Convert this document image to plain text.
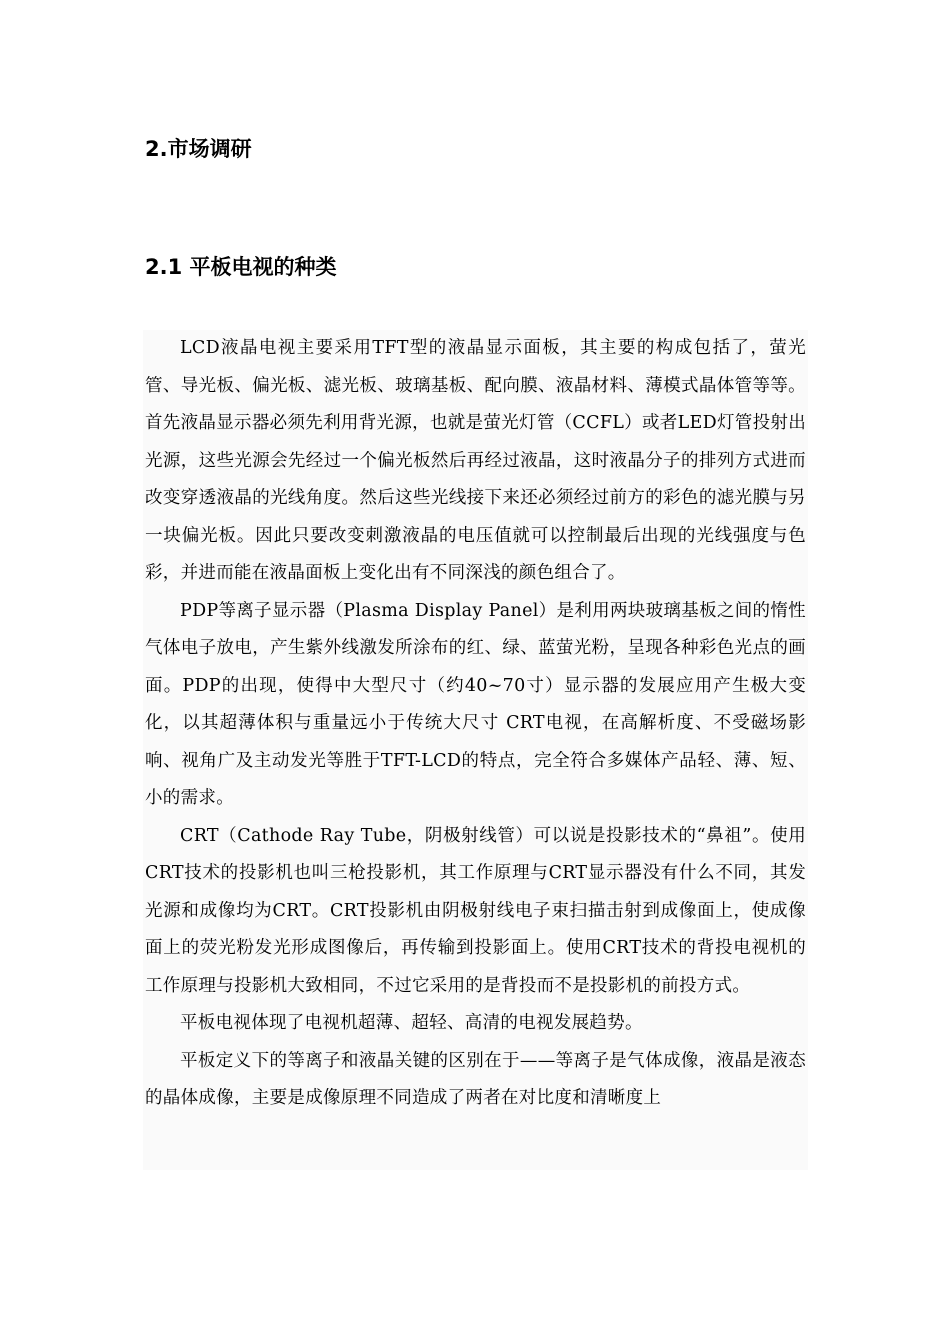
2.市场调研
2.1 平板电视的种类

LCD液晶电视主要采用TFT型的液晶显示面板，其主要的构成包括了，萤光管、导光板、偏光板、滤光板、玻璃基板、配向膜、液晶材料、薄模式晶体管等等。首先液晶显示器必须先利用背光源，也就是萤光灯管（CCFL）或者LED灯管投射出光源，这些光源会先经过一个偏光板然后再经过液晶，这时液晶分子的排列方式进而改变穿透液晶的光线角度。然后这些光线接下来还必须经过前方的彩色的滤光膜与另一块偏光板。因此只要改变刺激液晶的电压值就可以控制最后出现的光线强度与色彩，并进而能在液晶面板上变化出有不同深浅的颜色组合了。

PDP等离子显示器（Plasma Display Panel）是利用两块玻璃基板之间的惰性气体电子放电，产生紫外线激发所涂布的红、绿、蓝萤光粉，呈现各种彩色光点的画面。PDP的出现，使得中大型尺寸（约40~70寸）显示器的发展应用产生极大变化，以其超薄体积与重量远小于传统大尺寸 CRT电视，在高解析度、不受磁场影响、视角广及主动发光等胜于TFT-LCD的特点，完全符合多媒体产品轻、薄、短、小的需求。

CRT（Cathode Ray Tube，阴极射线管）可以说是投影技术的“鼻祖”。使用CRT技术的投影机也叫三枪投影机，其工作原理与CRT显示器没有什么不同，其发光源和成像均为CRT。CRT投影机由阴极射线电子束扫描击射到成像面上，使成像面上的荧光粉发光形成图像后，再传输到投影面上。使用CRT技术的背投电视机的工作原理与投影机大致相同，不过它采用的是背投而不是投影机的前投方式。

平板电视体现了电视机超薄、超轻、高清的电视发展趋势。

平板定义下的等离子和液晶关键的区别在于——等离子是气体成像，液晶是液态的晶体成像，主要是成像原理不同造成了两者在对比度和清晰度上
